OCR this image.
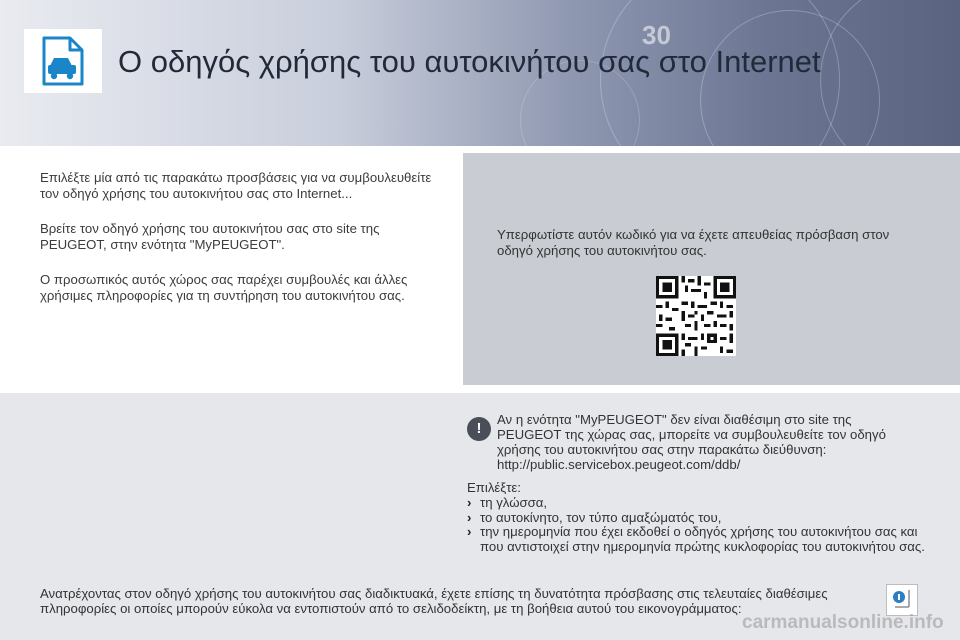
30
Ο οδηγός χρήσης του αυτοκινήτου σας στο Internet

Επιλέξτε μία από τις παρακάτω προσβάσεις για να συμβουλευθείτε τον οδηγό χρήσης του αυτοκινήτου σας στο Internet...

Βρείτε τον οδηγό χρήσης του αυτοκινήτου σας στο site της PEUGEOT, στην ενότητα "MyPEUGEOT".

Ο προσωπικός αυτός χώρος σας παρέχει συμβουλές και άλλες χρήσιμες πληροφορίες για τη συντήρηση του αυτοκινήτου σας.

Υπερφωτίστε αυτόν κωδικό για να έχετε απευθείας πρόσβαση στον οδηγό χρήσης του αυτοκινήτου σας.
!
Αν η ενότητα "MyPEUGEOT" δεν είναι διαθέσιμη στο site της
PEUGEOT της χώρας σας, μπορείτε να συμβουλευθείτε τον οδηγό
χρήσης του αυτοκινήτου σας στην παρακάτω διεύθυνση:
http://public.servicebox.peugeot.com/ddb/
Επιλέξτε:
› τη γλώσσα,
› το αυτοκίνητο, τον τύπο αμαξώματός του,
› την ημερομηνία που έχει εκδοθεί ο οδηγός χρήσης του αυτοκινήτου σας και που αντιστοιχεί στην ημερομηνία πρώτης κυκλοφορίας του αυτοκινήτου σας.
Ανατρέχοντας στον οδηγό χρήσης του αυτοκινήτου σας διαδικτυακά, έχετε επίσης τη δυνατότητα πρόσβασης στις τελευταίες διαθέσιμες πληροφορίες οι οποίες μπορούν εύκολα να εντοπιστούν από το σελιδοδείκτη, με τη βοήθεια αυτού του εικονογράμματος:
carmanualsonline.info
